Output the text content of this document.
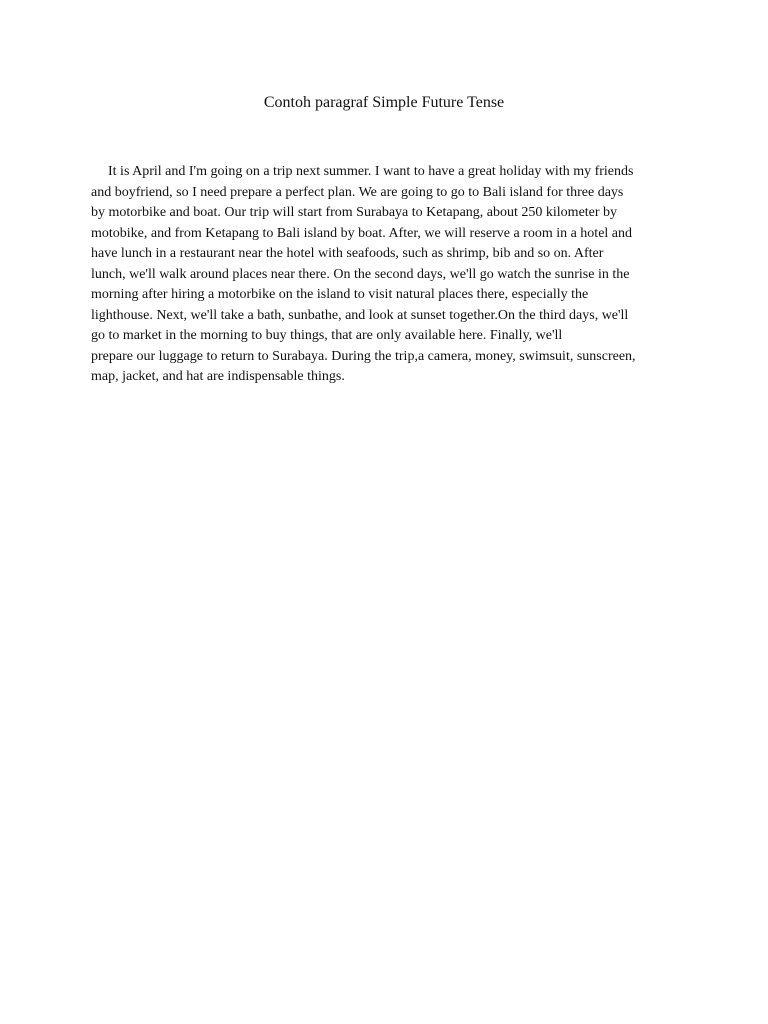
Contoh paragraf Simple Future Tense
It is April and I'm going on a trip next summer. I want to have a great holiday with my friends
and boyfriend, so I need prepare a perfect plan. We are going to go to Bali island for three days
by motorbike and boat. Our trip will start from Surabaya to Ketapang, about 250 kilometer by
motobike, and from Ketapang to Bali island by boat. After, we will reserve a room in a hotel and
have lunch in a restaurant near the hotel with seafoods, such as shrimp, bib and so on. After
lunch, we'll walk around places near there. On the second days, we'll go watch the sunrise in the
morning after hiring a motorbike on the island to visit natural places there, especially the
lighthouse. Next, we'll take a bath, sunbathe, and look at sunset together.On the third days, we'll
go to market in the morning to buy things, that are only available here. Finally, we'll
prepare our luggage to return to Surabaya. During the trip,a camera, money, swimsuit, sunscreen,
map, jacket, and hat are indispensable things.
